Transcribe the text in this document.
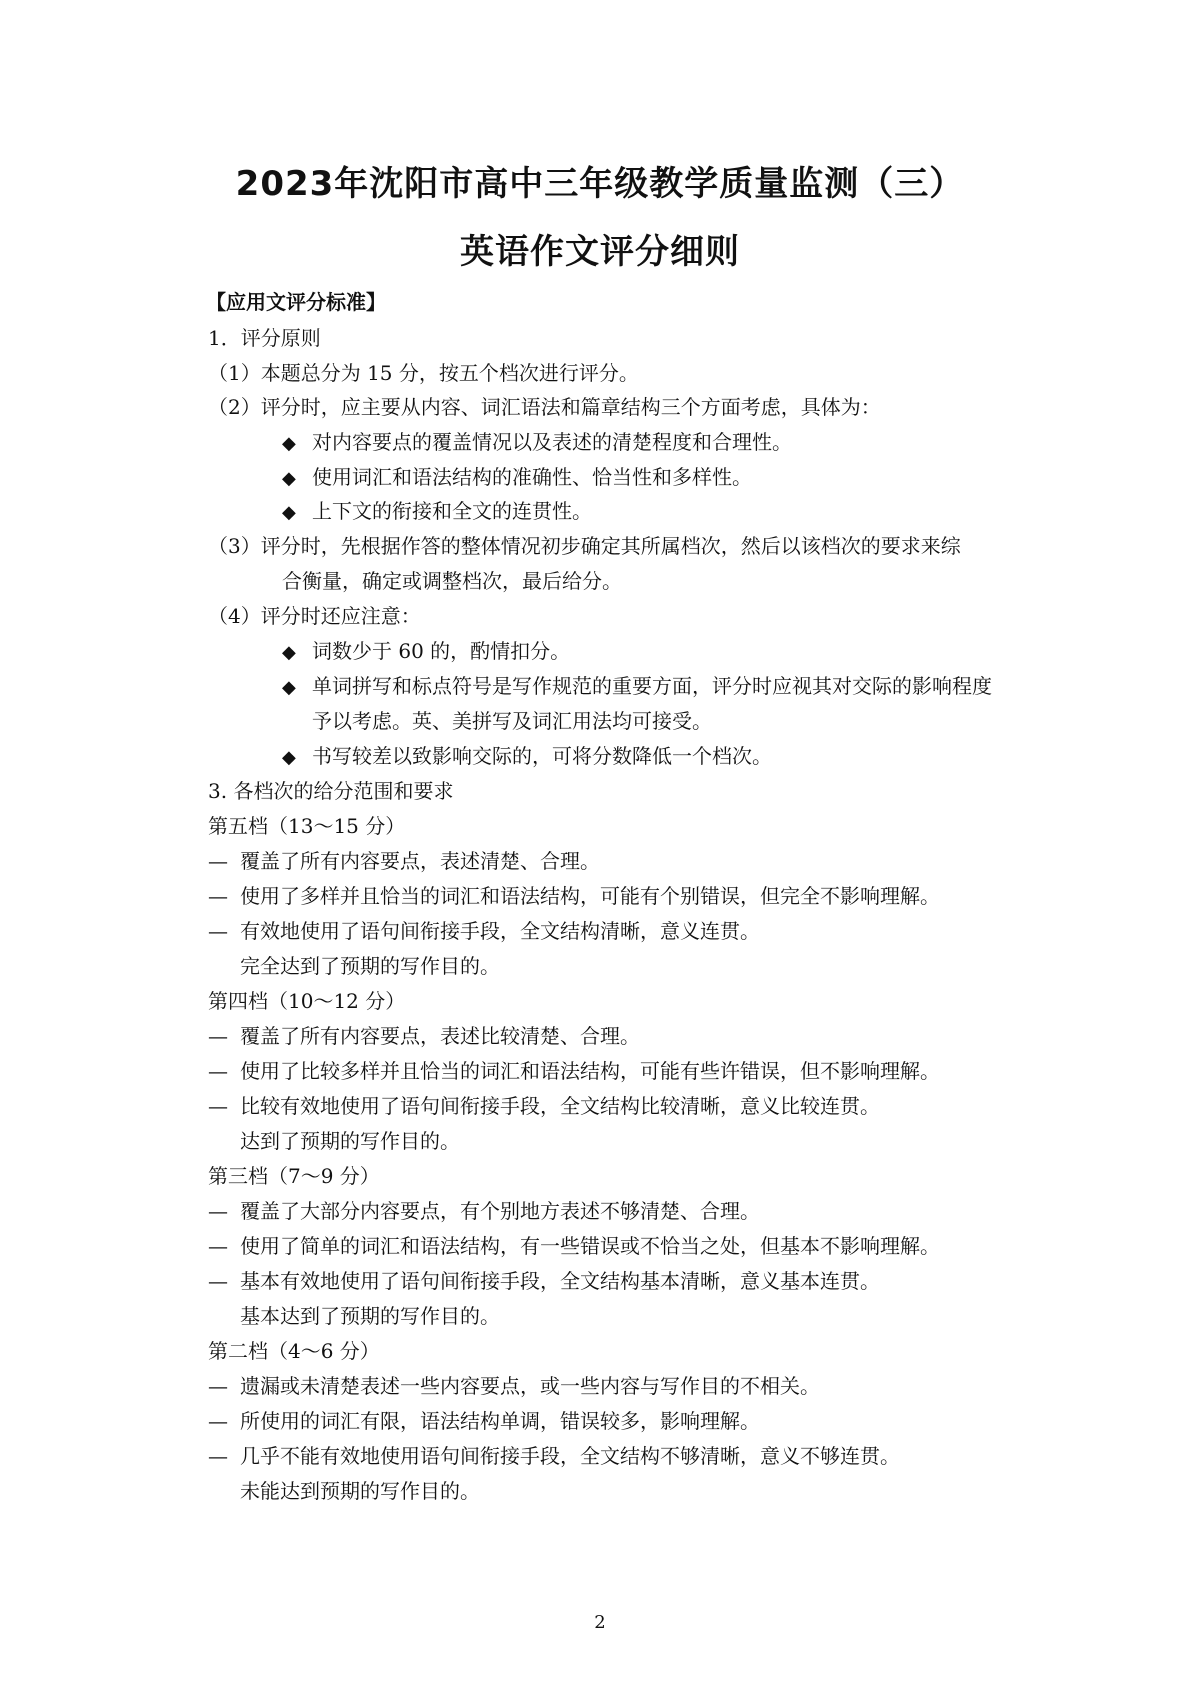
2023年沈阳市高中三年级教学质量监测（三）
英语作文评分细则
【应用文评分标准】
1．评分原则
（1）本题总分为 15 分，按五个档次进行评分。
（2）评分时，应主要从内容、词汇语法和篇章结构三个方面考虑，具体为：
◆ 对内容要点的覆盖情况以及表述的清楚程度和合理性。
◆ 使用词汇和语法结构的准确性、恰当性和多样性。
◆ 上下文的衔接和全文的连贯性。
（3）评分时，先根据作答的整体情况初步确定其所属档次，然后以该档次的要求来综
合衡量，确定或调整档次，最后给分。
（4）评分时还应注意：
◆ 词数少于 60 的，酌情扣分。
◆ 单词拼写和标点符号是写作规范的重要方面，评分时应视其对交际的影响程度
予以考虑。英、美拼写及词汇用法均可接受。
◆ 书写较差以致影响交际的，可将分数降低一个档次。
3. 各档次的给分范围和要求
第五档（13～15 分）
— 覆盖了所有内容要点，表述清楚、合理。
— 使用了多样并且恰当的词汇和语法结构，可能有个别错误，但完全不影响理解。
— 有效地使用了语句间衔接手段，全文结构清晰，意义连贯。
完全达到了预期的写作目的。
第四档（10～12 分）
— 覆盖了所有内容要点，表述比较清楚、合理。
— 使用了比较多样并且恰当的词汇和语法结构，可能有些许错误，但不影响理解。
— 比较有效地使用了语句间衔接手段，全文结构比较清晰，意义比较连贯。
达到了预期的写作目的。
第三档（7～9 分）
— 覆盖了大部分内容要点，有个别地方表述不够清楚、合理。
— 使用了简单的词汇和语法结构，有一些错误或不恰当之处，但基本不影响理解。
— 基本有效地使用了语句间衔接手段，全文结构基本清晰，意义基本连贯。
基本达到了预期的写作目的。
第二档（4～6 分）
— 遗漏或未清楚表述一些内容要点，或一些内容与写作目的不相关。
— 所使用的词汇有限，语法结构单调，错误较多，影响理解。
— 几乎不能有效地使用语句间衔接手段，全文结构不够清晰，意义不够连贯。
未能达到预期的写作目的。
2
